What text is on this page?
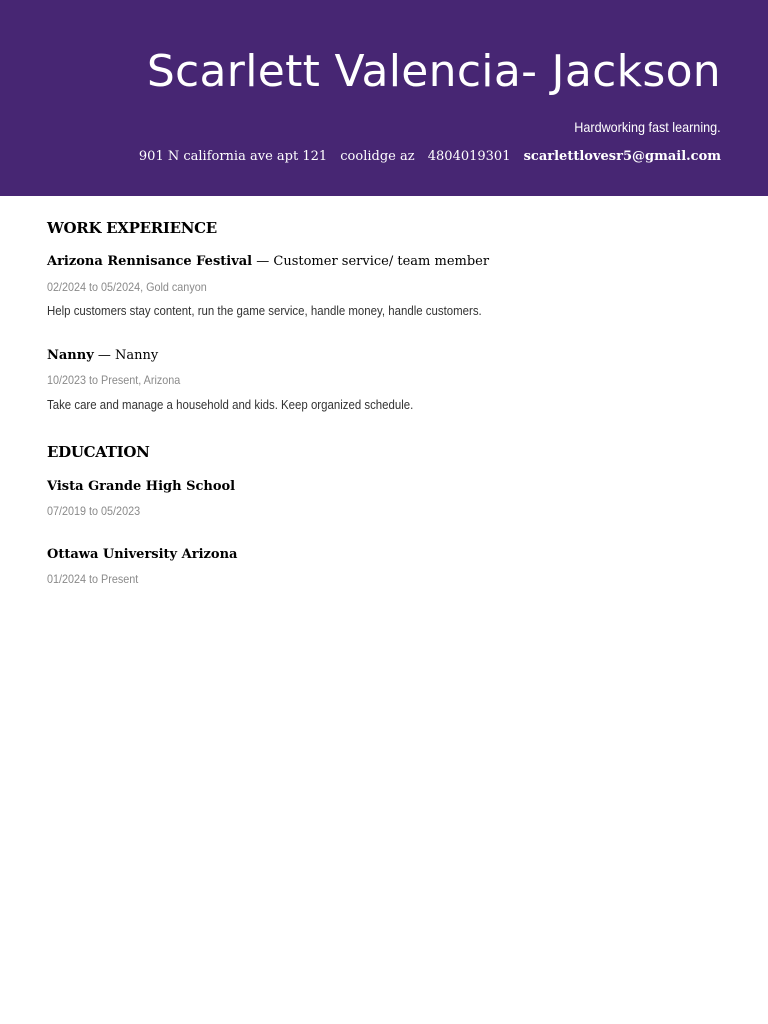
Scarlett Valencia- Jackson
Hardworking fast learning.
901 N california ave apt 121 coolidge az 4804019301 scarlettlovesr5@gmail.com
WORK EXPERIENCE
Arizona Rennisance Festival — Customer service/ team member
02/2024 to 05/2024, Gold canyon
Help customers stay content, run the game service, handle money, handle customers.
Nanny — Nanny
10/2023 to Present, Arizona
Take care and manage a household and kids. Keep organized schedule.
EDUCATION
Vista Grande High School
07/2019 to 05/2023
Ottawa University Arizona
01/2024 to Present
